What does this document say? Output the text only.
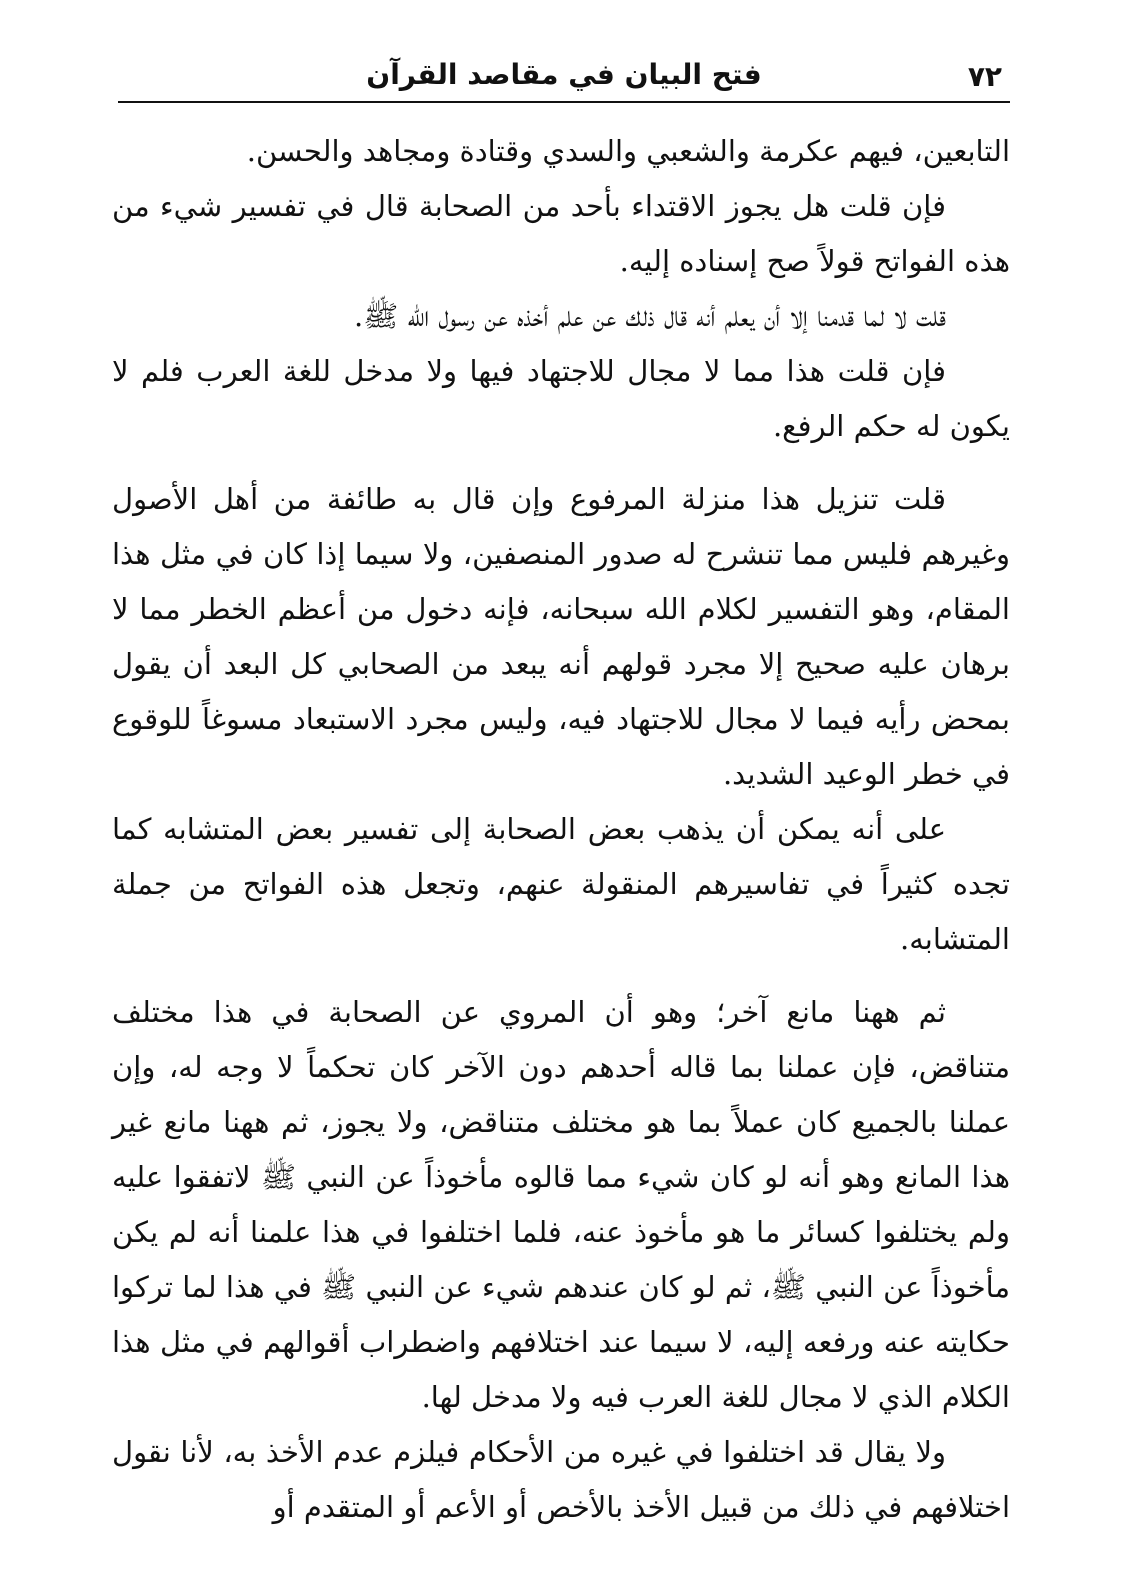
٧٢
فتح البيان في مقاصد القرآن

التابعين، فيهم عكرمة والشعبي والسدي وقتادة ومجاهد والحسن.

فإن قلت هل يجوز الاقتداء بأحد من الصحابة قال في تفسير شيء من هذه الفواتح قولاً صح إسناده إليه.

قلت لا لما قدمنا إلا أن يعلم أنه قال ذلك عن علم أخذه عن رسول الله ﷺ.

فإن قلت هذا مما لا مجال للاجتهاد فيها ولا مدخل للغة العرب فلم لا يكون له حكم الرفع.

قلت تنزيل هذا منزلة المرفوع وإن قال به طائفة من أهل الأصول وغيرهم فليس مما تنشرح له صدور المنصفين، ولا سيما إذا كان في مثل هذا المقام، وهو التفسير لكلام الله سبحانه، فإنه دخول من أعظم الخطر مما لا برهان عليه صحيح إلا مجرد قولهم أنه يبعد من الصحابي كل البعد أن يقول بمحض رأيه فيما لا مجال للاجتهاد فيه، وليس مجرد الاستبعاد مسوغاً للوقوع في خطر الوعيد الشديد.

على أنه يمكن أن يذهب بعض الصحابة إلى تفسير بعض المتشابه كما تجده كثيراً في تفاسيرهم المنقولة عنهم، وتجعل هذه الفواتح من جملة المتشابه.

ثم ههنا مانع آخر؛ وهو أن المروي عن الصحابة في هذا مختلف متناقض، فإن عملنا بما قاله أحدهم دون الآخر كان تحكماً لا وجه له، وإن عملنا بالجميع كان عملاً بما هو مختلف متناقض، ولا يجوز، ثم ههنا مانع غير هذا المانع وهو أنه لو كان شيء مما قالوه مأخوذاً عن النبي ﷺ لاتفقوا عليه ولم يختلفوا كسائر ما هو مأخوذ عنه، فلما اختلفوا في هذا علمنا أنه لم يكن مأخوذاً عن النبي ﷺ، ثم لو كان عندهم شيء عن النبي ﷺ في هذا لما تركوا حكايته عنه ورفعه إليه، لا سيما عند اختلافهم واضطراب أقوالهم في مثل هذا الكلام الذي لا مجال للغة العرب فيه ولا مدخل لها.

ولا يقال قد اختلفوا في غيره من الأحكام فيلزم عدم الأخذ به، لأنا نقول اختلافهم في ذلك من قبيل الأخذ بالأخص أو الأعم أو المتقدم أو
